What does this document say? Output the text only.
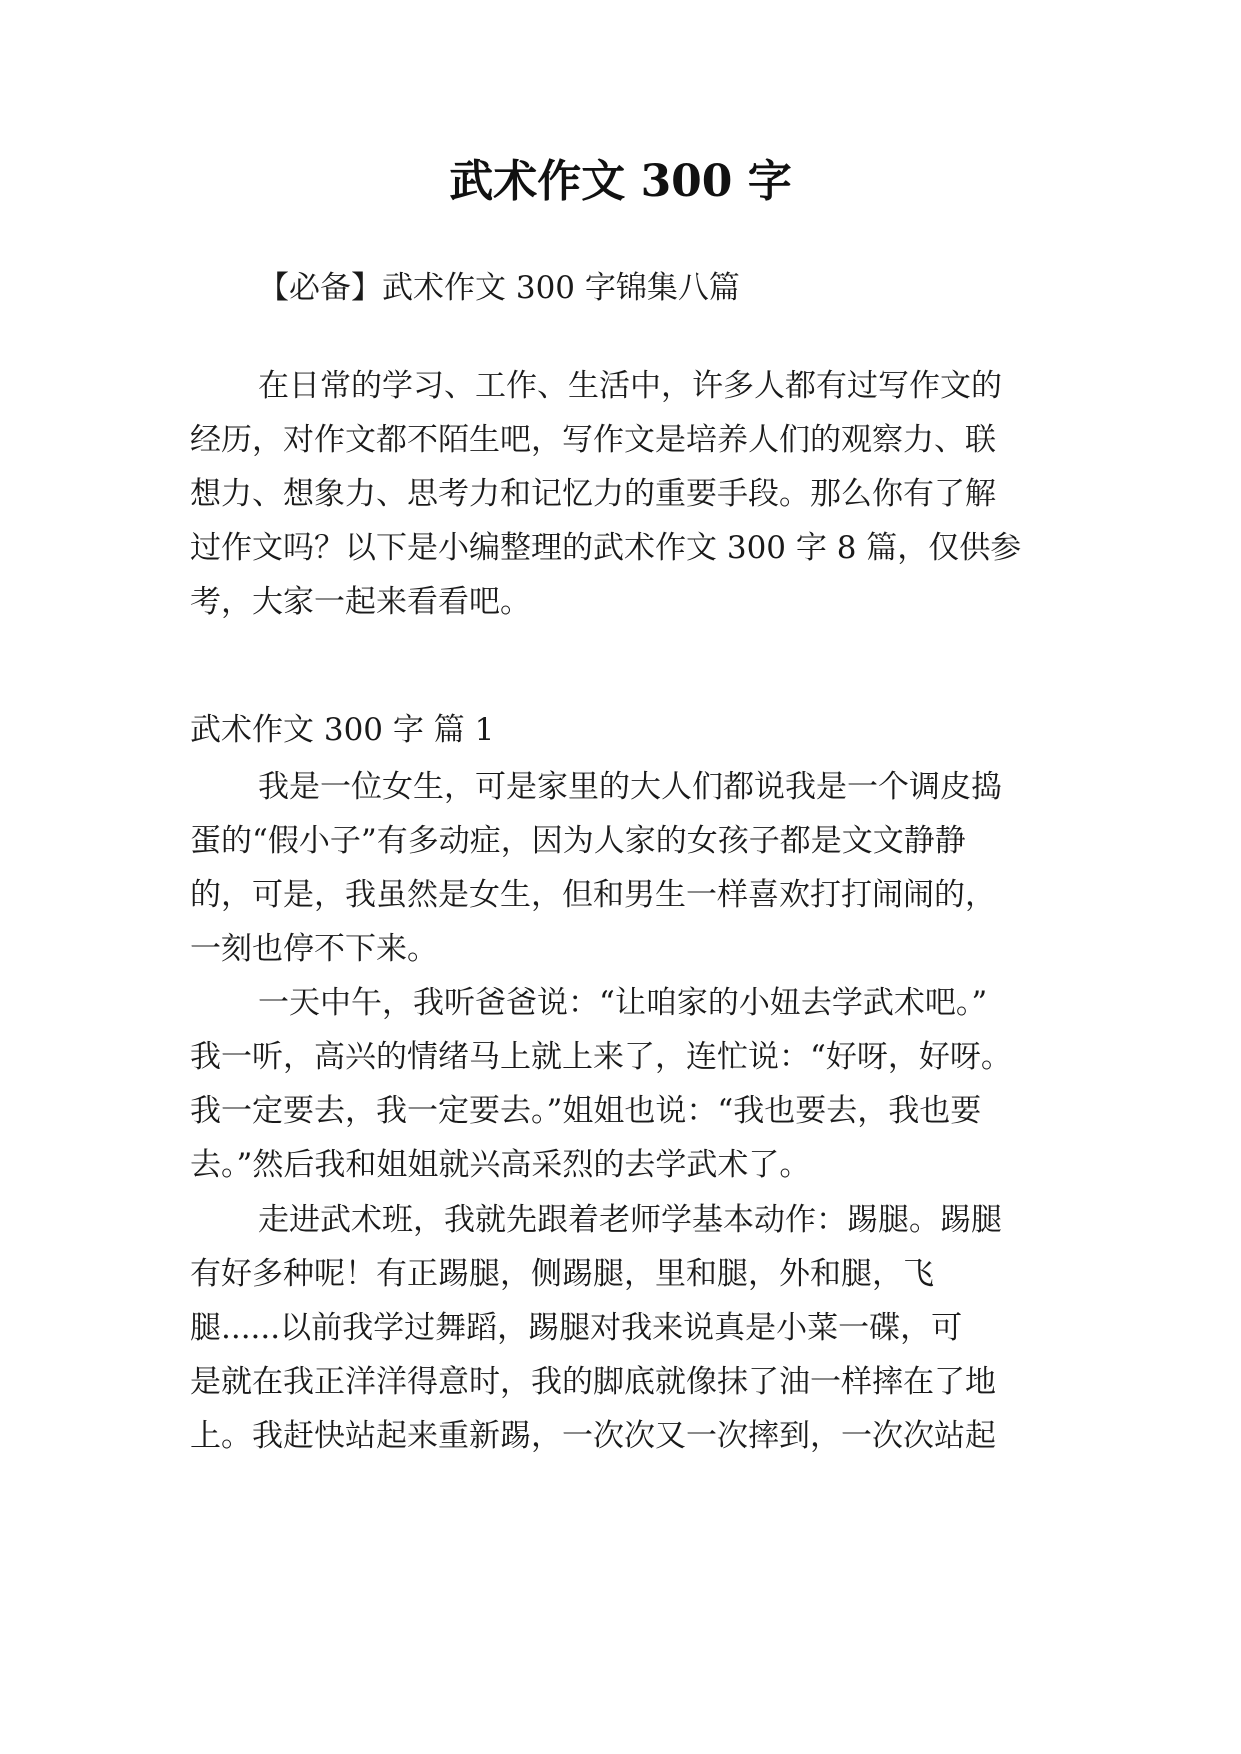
武术作文 300 字

【必备】武术作文 300 字锦集八篇

在日常的学习、工作、生活中，许多人都有过写作文的

经历，对作文都不陌生吧，写作文是培养人们的观察力、联

想力、想象力、思考力和记忆力的重要手段。那么你有了解

过作文吗？以下是小编整理的武术作文 300 字 8 篇，仅供参

考，大家一起来看看吧。

武术作文 300 字 篇 1

我是一位女生，可是家里的大人们都说我是一个调皮捣

蛋的“假小子”有多动症，因为人家的女孩子都是文文静静

的，可是，我虽然是女生，但和男生一样喜欢打打闹闹的，

一刻也停不下来。

一天中午，我听爸爸说：“让咱家的小妞去学武术吧。”

我一听，高兴的情绪马上就上来了，连忙说：“好呀，好呀。

我一定要去，我一定要去。”姐姐也说：“我也要去，我也要

去。”然后我和姐姐就兴高采烈的去学武术了。

走进武术班，我就先跟着老师学基本动作：踢腿。踢腿

有好多种呢！有正踢腿，侧踢腿，里和腿，外和腿，飞

腿......以前我学过舞蹈，踢腿对我来说真是小菜一碟，可

是就在我正洋洋得意时，我的脚底就像抹了油一样摔在了地

上。我赶快站起来重新踢，一次次又一次摔到，一次次站起
